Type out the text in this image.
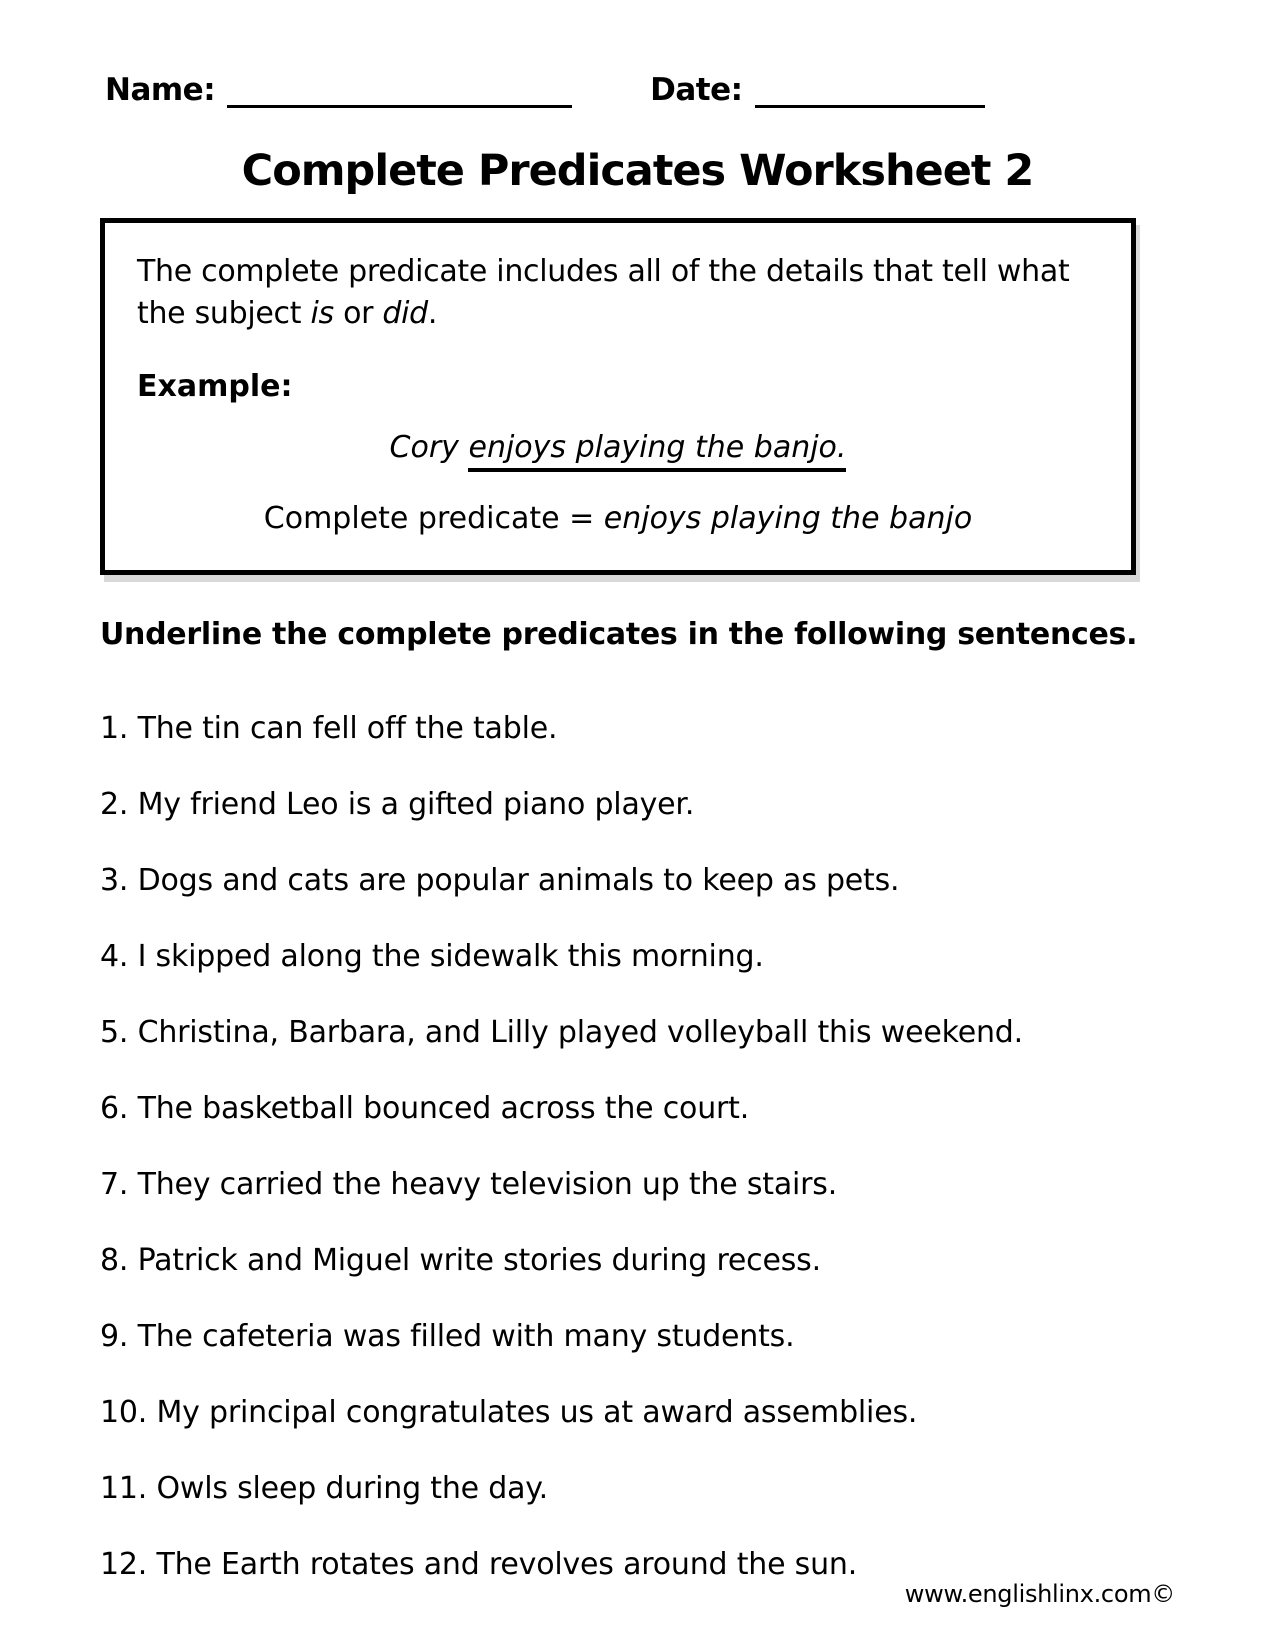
Name:	Date:
Complete Predicates Worksheet 2

The complete predicate includes all of the details that tell what the subject is or did.

Example:

Cory enjoys playing the banjo.

Complete predicate = enjoys playing the banjo

Underline the complete predicates in the following sentences.

1. The tin can fell off the table.
2. My friend Leo is a gifted piano player.
3. Dogs and cats are popular animals to keep as pets.
4. I skipped along the sidewalk this morning.
5. Christina, Barbara, and Lilly played volleyball this weekend.
6. The basketball bounced across the court.
7. They carried the heavy television up the stairs.
8. Patrick and Miguel write stories during recess.
9. The cafeteria was filled with many students.
10. My principal congratulates us at award assemblies.
11. Owls sleep during the day.
12. The Earth rotates and revolves around the sun.
www.englishlinx.com©
